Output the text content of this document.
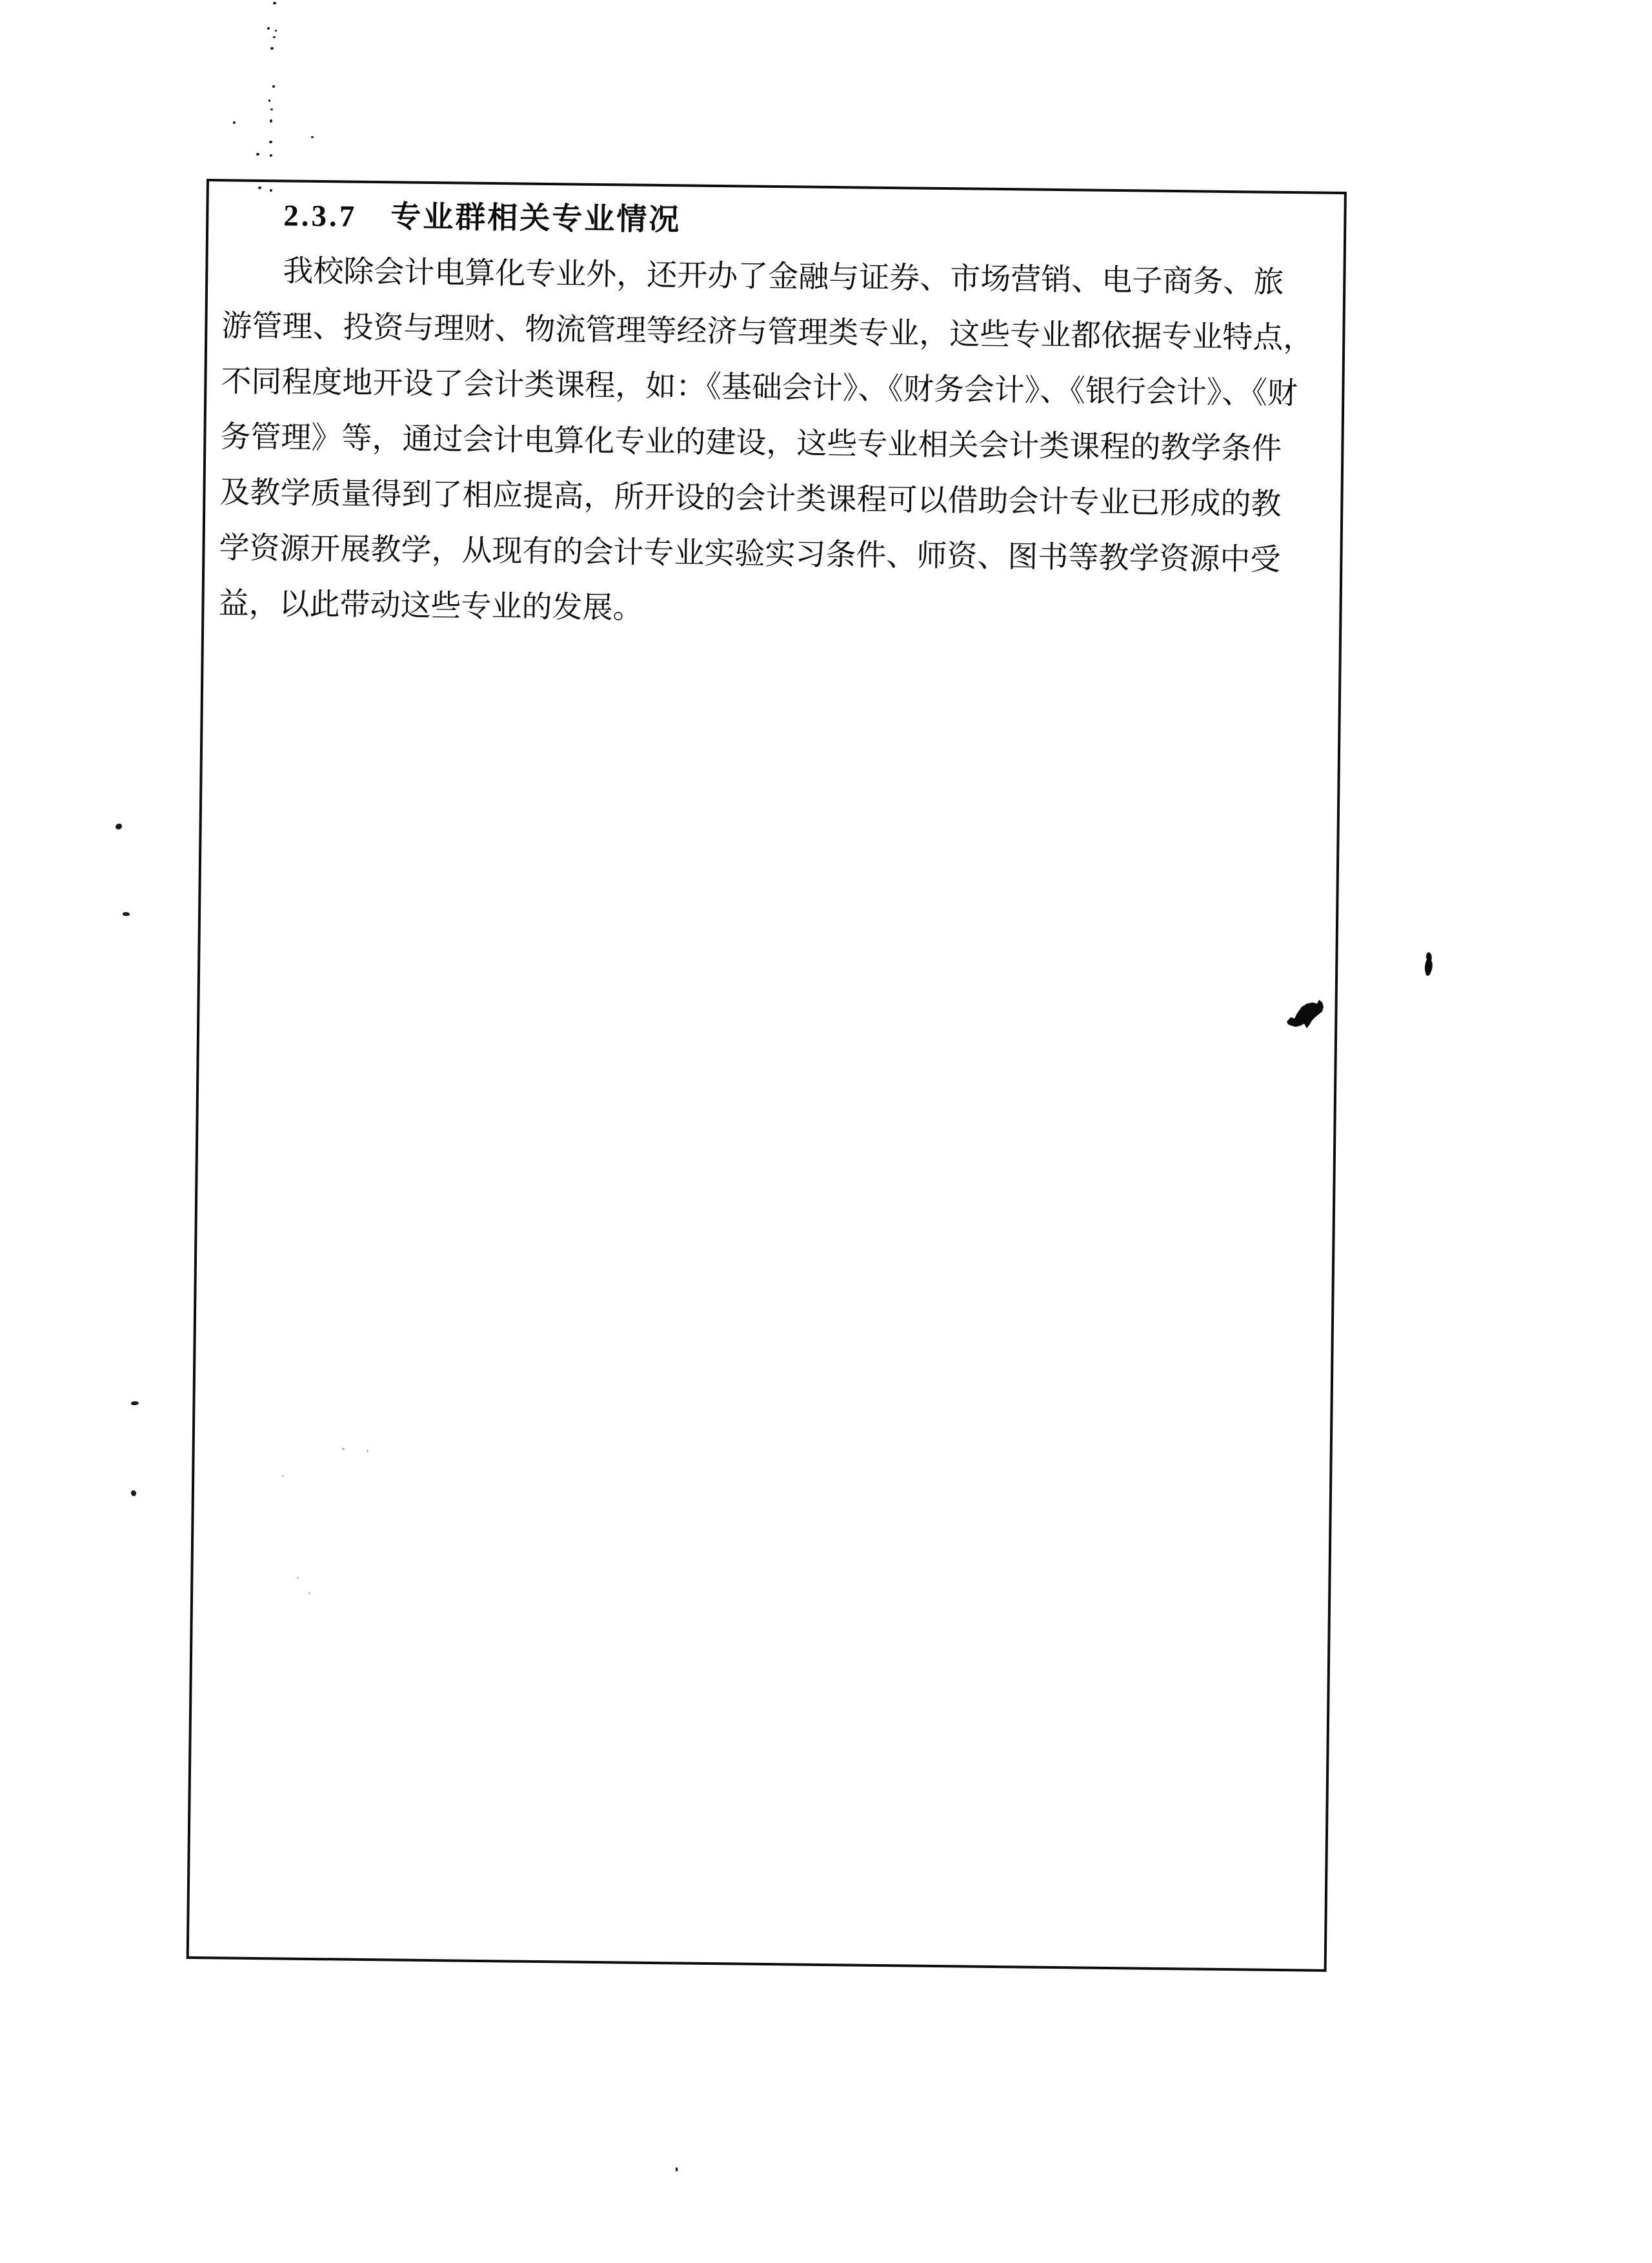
2.3.7 专业群相关专业情况
我校除会计电算化专业外，还开办了金融与证券、市场营销、电子商务、旅
游管理、投资与理财、物流管理等经济与管理类专业，这些专业都依据专业特点，
不同程度地开设了会计类课程，如：《基础会计》、《财务会计》、《银行会计》、《财
务管理》等，通过会计电算化专业的建设，这些专业相关会计类课程的教学条件
及教学质量得到了相应提高，所开设的会计类课程可以借助会计专业已形成的教
学资源开展教学，从现有的会计专业实验实习条件、师资、图书等教学资源中受
益，以此带动这些专业的发展。
